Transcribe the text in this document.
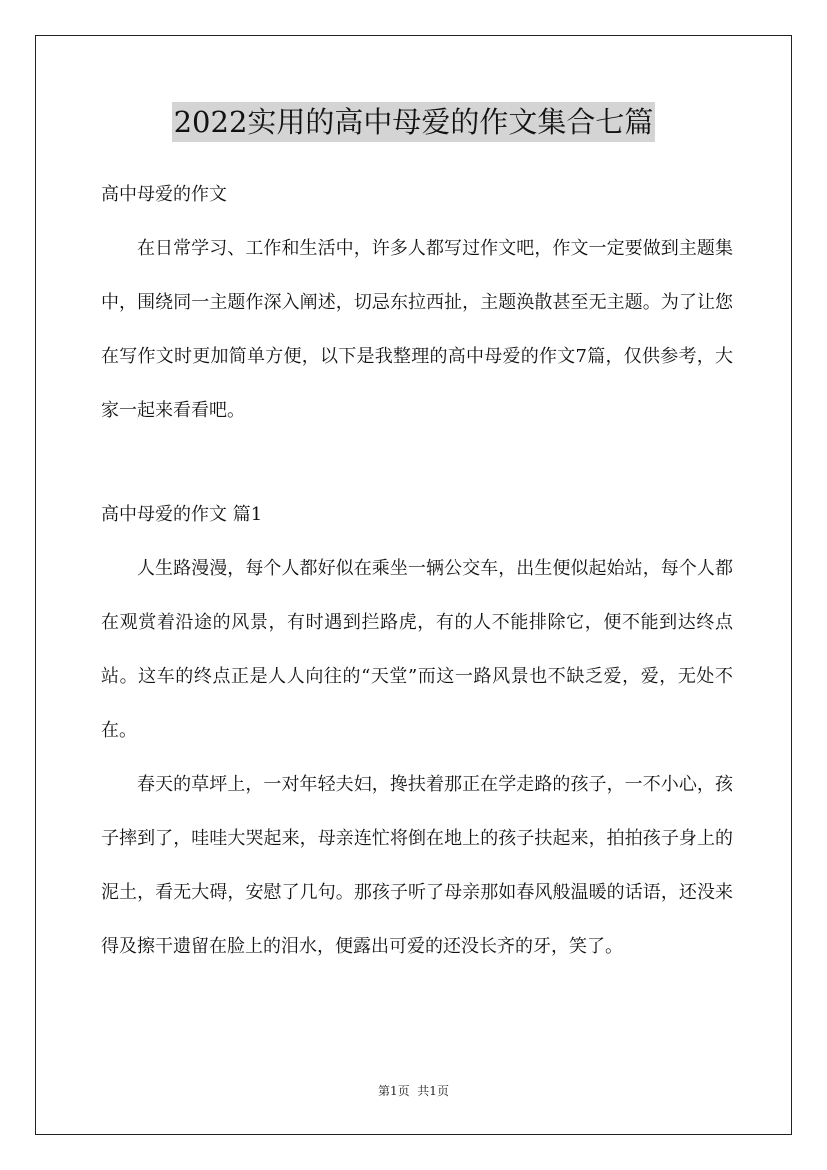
2022实用的高中母爱的作文集合七篇
高中母爱的作文
在日常学习、工作和生活中，许多人都写过作文吧，作文一定要做到主题集中，围绕同一主题作深入阐述，切忌东拉西扯，主题涣散甚至无主题。为了让您在写作文时更加简单方便，以下是我整理的高中母爱的作文7篇，仅供参考，大家一起来看看吧。
高中母爱的作文 篇1
人生路漫漫，每个人都好似在乘坐一辆公交车，出生便似起始站，每个人都在观赏着沿途的风景，有时遇到拦路虎，有的人不能排除它，便不能到达终点站。这车的终点正是人人向往的“天堂”而这一路风景也不缺乏爱，爱，无处不在。
春天的草坪上，一对年轻夫妇，搀扶着那正在学走路的孩子，一不小心，孩子摔到了，哇哇大哭起来，母亲连忙将倒在地上的孩子扶起来，拍拍孩子身上的泥土，看无大碍，安慰了几句。那孩子听了母亲那如春风般温暖的话语，还没来得及擦干遗留在脸上的泪水，便露出可爱的还没长齐的牙，笑了。
第1页  共1页
